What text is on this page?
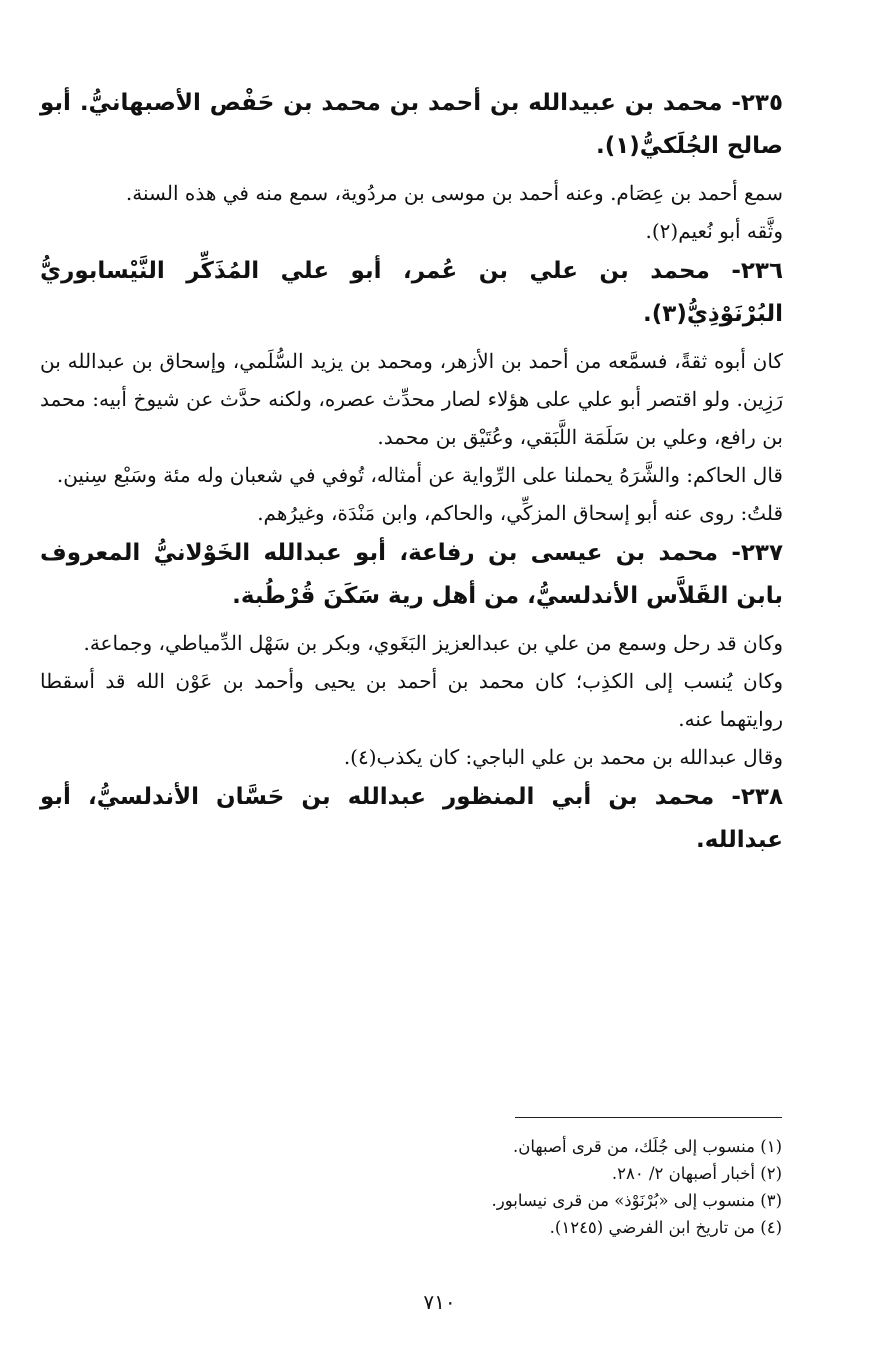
٢٣٥- محمد بن عبيدالله بن أحمد بن محمد بن حَفْص الأصبهانيُّ. أبو صالح الجُلَكيُّ(١).

سمع أحمد بن عِصَام. وعنه أحمد بن موسى بن مردُوية، سمع منه في هذه السنة.

وثَّقه أبو نُعيم(٢).

٢٣٦- محمد بن علي بن عُمر، أبو علي المُذَكِّر النَّيْسابوريُّ البُرْنَوْذِيُّ(٣).

كان أبوه ثقةً، فسمَّعه من أحمد بن الأزهر، ومحمد بن يزيد السُّلَمي، وإسحاق بن عبدالله بن رَزِين. ولو اقتصر أبو علي على هؤلاء لصار محدِّث عصره، ولكنه حدَّث عن شيوخ أبيه: محمد بن رافع، وعلي بن سَلَمَة اللَّبَقي، وعُتَيْق بن محمد.

قال الحاكم: والشَّرَهُ يحملنا على الرِّواية عن أمثاله، تُوفي في شعبان وله مئة وسَبْع سِنين.

قلتُ: روى عنه أبو إسحاق المزكِّي، والحاكم، وابن مَنْدَة، وغيرُهم.

٢٣٧- محمد بن عيسى بن رفاعة، أبو عبدالله الخَوْلانيُّ المعروف بابن القَلاَّس الأندلسيُّ، من أهل رية سَكَنَ قُرْطُبة.

وكان قد رحل وسمع من علي بن عبدالعزيز البَغَوي، وبكر بن سَهْل الدِّمياطي، وجماعة.

وكان يُنسب إلى الكذِب؛ كان محمد بن أحمد بن يحيى وأحمد بن عَوْن الله قد أسقطا روايتهما عنه.

وقال عبدالله بن محمد بن علي الباجي: كان يكذب(٤).

٢٣٨- محمد بن أبي المنظور عبدالله بن حَسَّان الأندلسيُّ، أبو عبدالله.
(١) منسوب إلى جُلَك، من قرى أصبهان.
(٢) أخبار أصبهان ٢/ ٢٨٠.
(٣) منسوب إلى «بُرْنَوْذ» من قرى نيسابور.
(٤) من تاريخ ابن الفرضي (١٢٤٥).
٧١٠
